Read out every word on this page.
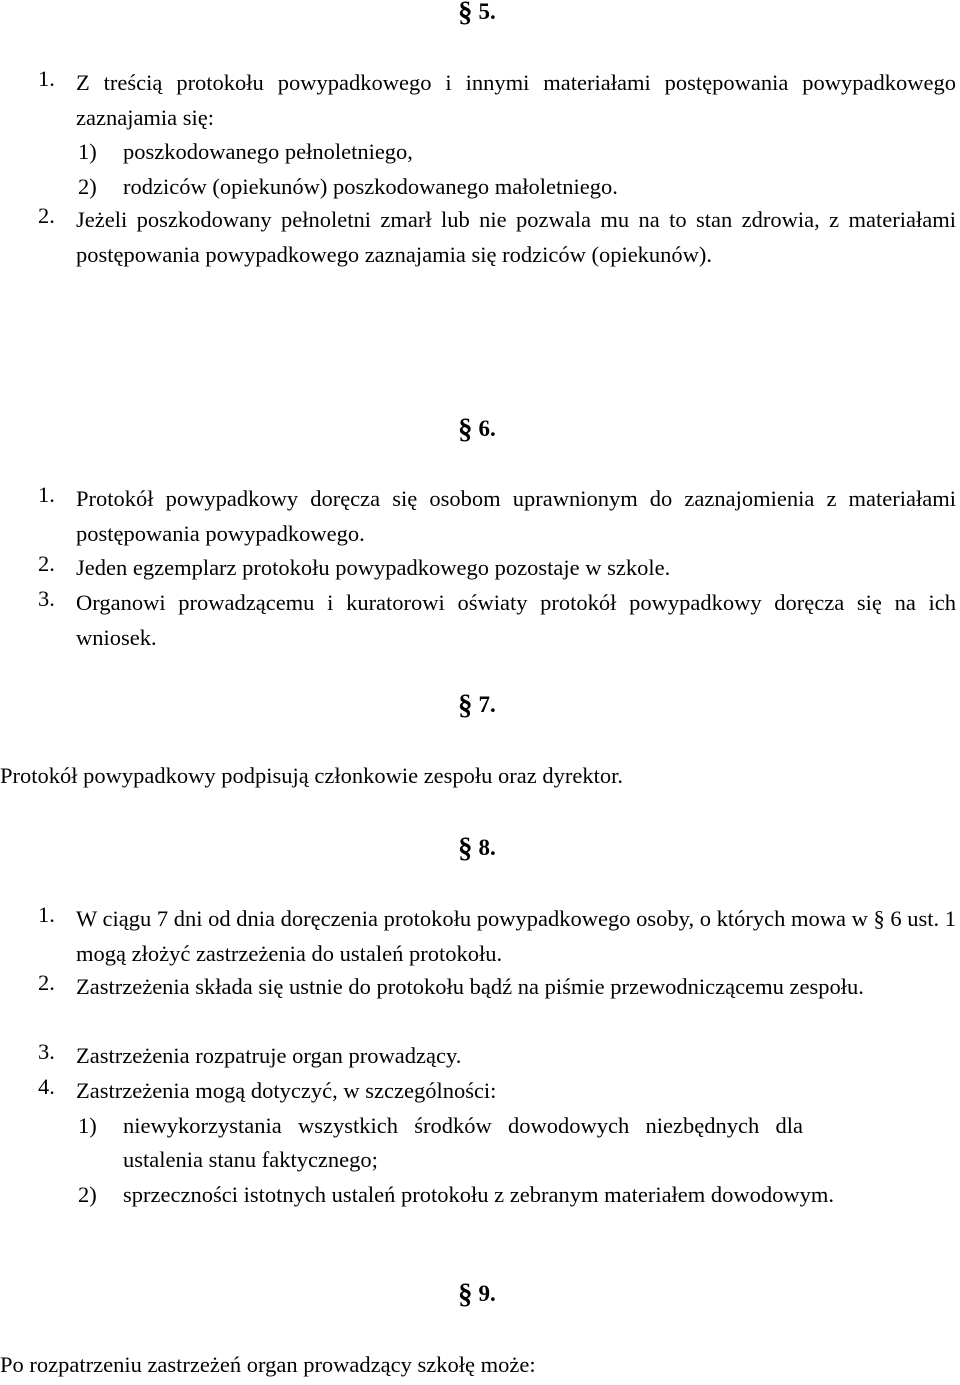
§ 5.
1. Z treścią protokołu powypadkowego i innymi materiałami postępowania powypadkowego zaznajamia się:
1) poszkodowanego pełnoletniego,
2) rodziców (opiekunów) poszkodowanego małoletniego.
2. Jeżeli poszkodowany pełnoletni zmarł lub nie pozwala mu na to stan zdrowia, z materiałami postępowania powypadkowego zaznajamia się rodziców (opiekunów).
§ 6.
1. Protokół powypadkowy doręcza się osobom uprawnionym do zaznajomienia z materiałami postępowania powypadkowego.
2. Jeden egzemplarz protokołu powypadkowego pozostaje w szkole.
3. Organowi prowadzącemu i kuratorowi oświaty protokół powypadkowy doręcza się na ich wniosek.
§ 7.
Protokół powypadkowy podpisują członkowie zespołu oraz dyrektor.
§ 8.
1. W ciągu 7 dni od dnia doręczenia protokołu powypadkowego osoby, o których mowa w § 6 ust. 1 mogą złożyć zastrzeżenia do ustaleń protokołu.
2. Zastrzeżenia składa się ustnie do protokołu bądź na piśmie przewodniczącemu zespołu.
3. Zastrzeżenia rozpatruje organ prowadzący.
4. Zastrzeżenia mogą dotyczyć, w szczególności:
1) niewykorzystania wszystkich środków dowodowych niezbędnych dla ustalenia stanu faktycznego;
2) sprzeczności istotnych ustaleń protokołu z zebranym materiałem dowodowym.
§ 9.
Po rozpatrzeniu zastrzeżeń organ prowadzący szkołę może:
